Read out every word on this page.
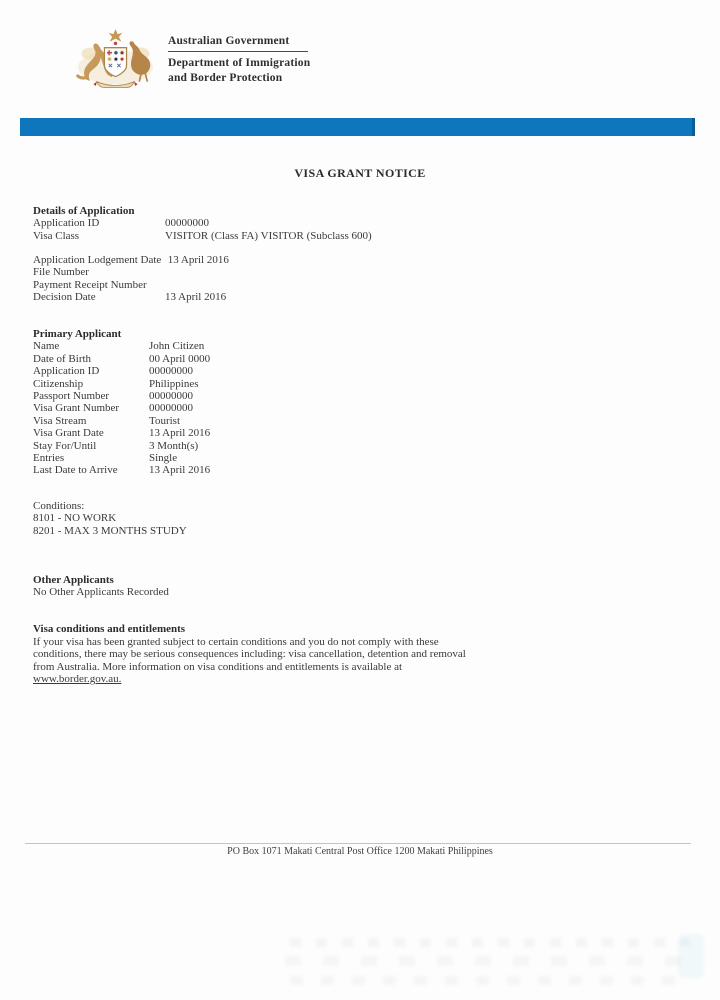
Australian Government
Department of Immigration
and Border Protection
VISA GRANT NOTICE
Details of Application
Application ID	00000000
Visa Class	VISITOR (Class FA) VISITOR (Subclass 600)
Application Lodgement Date 13 April 2016
File Number
Payment Receipt Number
Decision Date	13 April 2016
Primary Applicant
Name	John Citizen
Date of Birth	00 April 0000
Application ID	00000000
Citizenship	Philippines
Passport Number	00000000
Visa Grant Number	00000000
Visa Stream	Tourist
Visa Grant Date	13 April 2016
Stay For/Until	3 Month(s)
Entries	Single
Last Date to Arrive	13 April 2016
Conditions:
8101 - NO WORK
8201 - MAX 3 MONTHS STUDY
Other Applicants
No Other Applicants Recorded
Visa conditions and entitlements
If your visa has been granted subject to certain conditions and you do not comply with these conditions, there may be serious consequences including: visa cancellation, detention and removal from Australia. More information on visa conditions and entitlements is available at
www.border.gov.au.
PO Box 1071 Makati Central Post Office 1200 Makati Philippines
